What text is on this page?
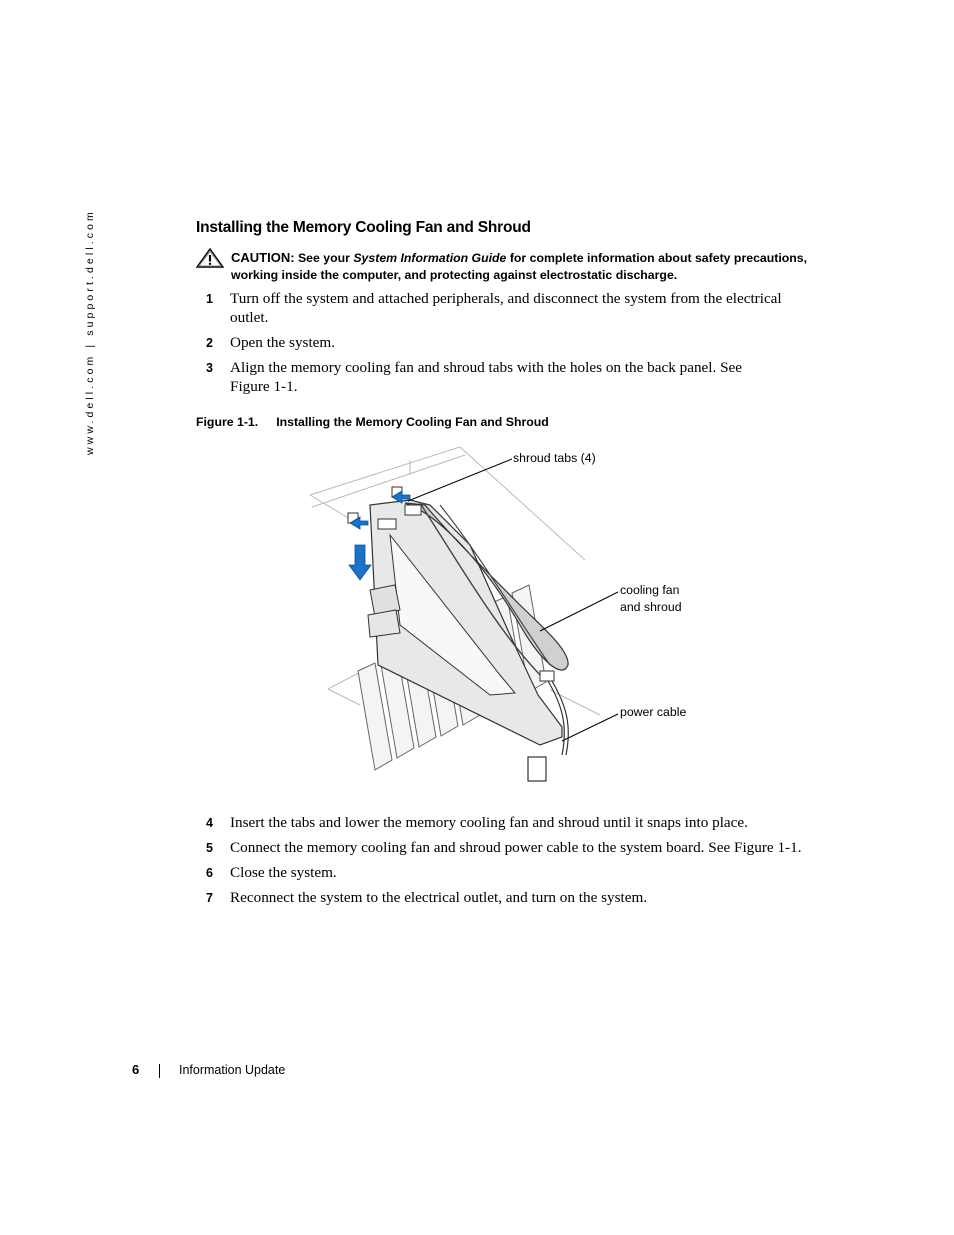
www.dell.com | support.dell.com	Installing the Memory Cooling Fan and Shroud
CAUTION: See your System Information Guide for complete information about safety precautions, working inside the computer, and protecting against electrostatic discharge.
1 Turn off the system and attached peripherals, and disconnect the system from the electrical outlet.
2 Open the system.
3 Align the memory cooling fan and shroud tabs with the holes on the back panel. See Figure 1-1.
Figure 1-1. Installing the Memory Cooling Fan and Shroud
shroud tabs (4)
cooling fan
and shroud
power cable
4 Insert the tabs and lower the memory cooling fan and shroud until it snaps into place.
5 Connect the memory cooling fan and shroud power cable to the system board. See Figure 1-1.
6 Close the system.
7 Reconnect the system to the electrical outlet, and turn on the system.
6	Information Update
